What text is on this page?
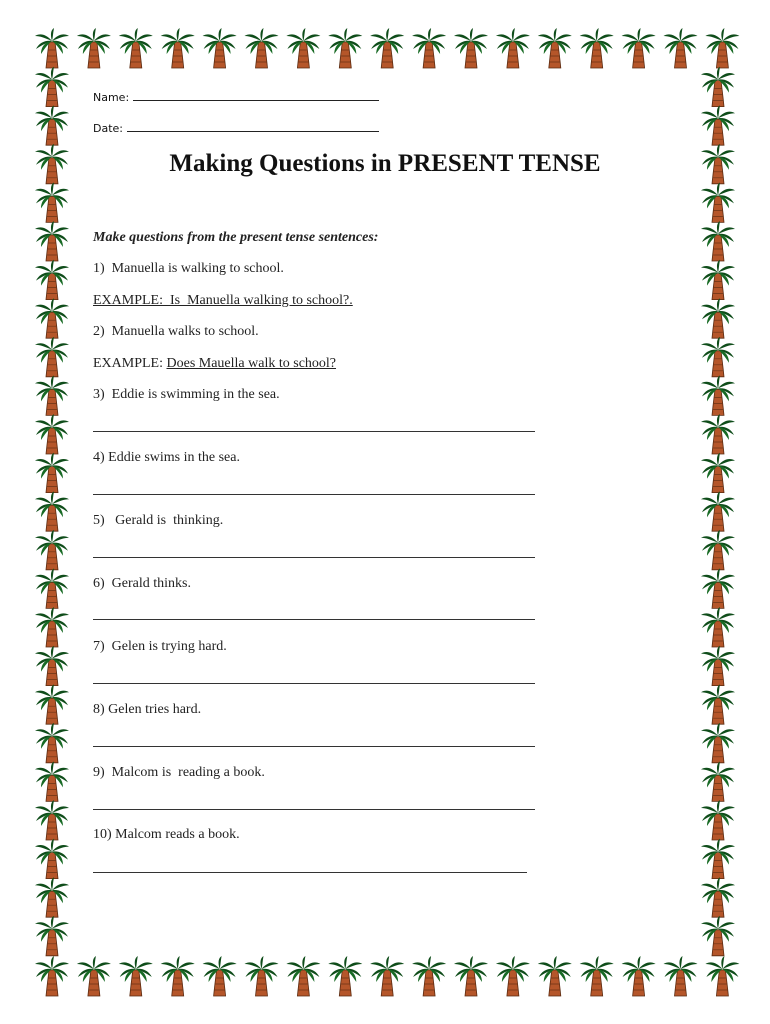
Name:
Date:
Making Questions in PRESENT TENSE
Make questions from the present tense sentences:
1)  Manuella is walking to school.
EXAMPLE:  Is  Manuella walking to school?.
2)  Manuella walks to school.
EXAMPLE: Does Mauella walk to school?
3)  Eddie is swimming in the sea.
4) Eddie swims in the sea.
5)   Gerald is  thinking.
6)  Gerald thinks.
7)  Gelen is trying hard.
8) Gelen tries hard.
9)  Malcom is  reading a book.
10) Malcom reads a book.
